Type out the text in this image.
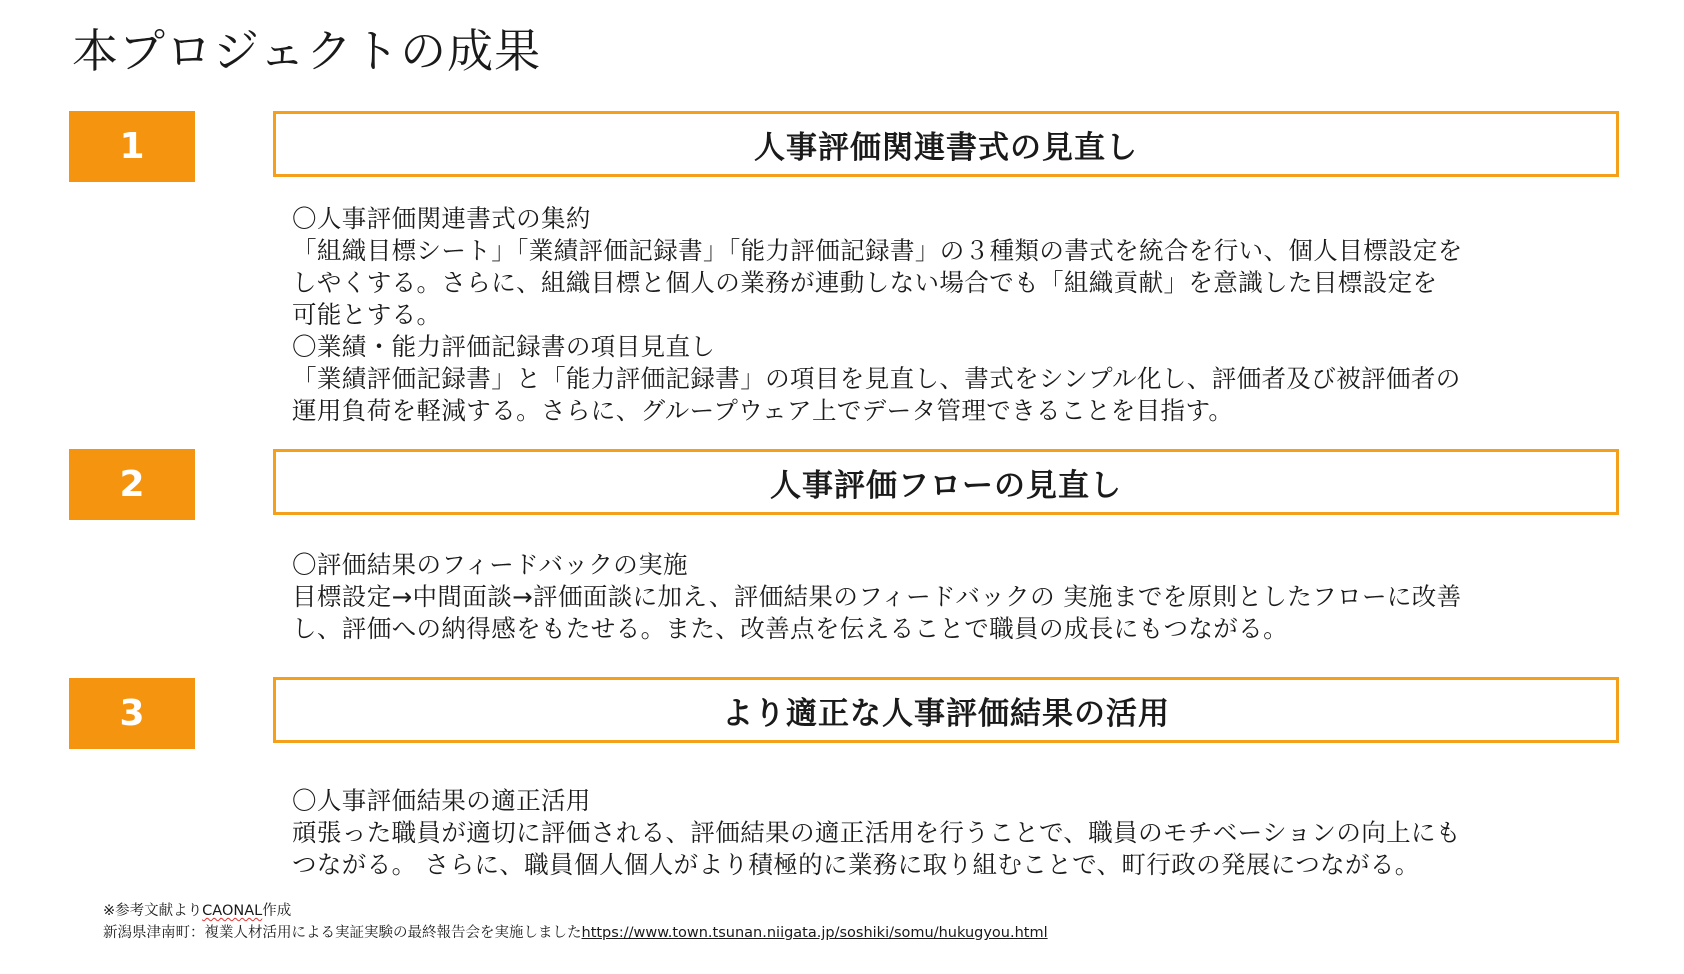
本プロジェクトの成果
1	人事評価関連書式の見直し
〇人事評価関連書式の集約
「組織目標シート」「業績評価記録書」「能力評価記録書」の３種類の書式を統合を行い、個人目標設定を
しやくする。さらに、組織目標と個人の業務が連動しない場合でも「組織貢献」を意識した目標設定を
可能とする。
〇業績・能力評価記録書の項目見直し
「業績評価記録書」と「能力評価記録書」の項目を見直し、書式をシンプル化し、評価者及び被評価者の
運用負荷を軽減する。さらに、グループウェア上でデータ管理できることを目指す。
2	人事評価フローの見直し
〇評価結果のフィードバックの実施
目標設定→中間面談→評価面談に加え、評価結果のフィードバックの 実施までを原則としたフローに改善
し、評価への納得感をもたせる。また、改善点を伝えることで職員の成長にもつながる。
3	より適正な人事評価結果の活用
〇人事評価結果の適正活用
頑張った職員が適切に評価される、評価結果の適正活用を行うことで、職員のモチベーションの向上にも
つながる。 さらに、職員個人個人がより積極的に業務に取り組むことで、町行政の発展につながる。
※参考文献よりCAONAL作成
新潟県津南町：複業人材活用による実証実験の最終報告会を実施しましたhttps://www.town.tsunan.niigata.jp/soshiki/somu/hukugyou.html
